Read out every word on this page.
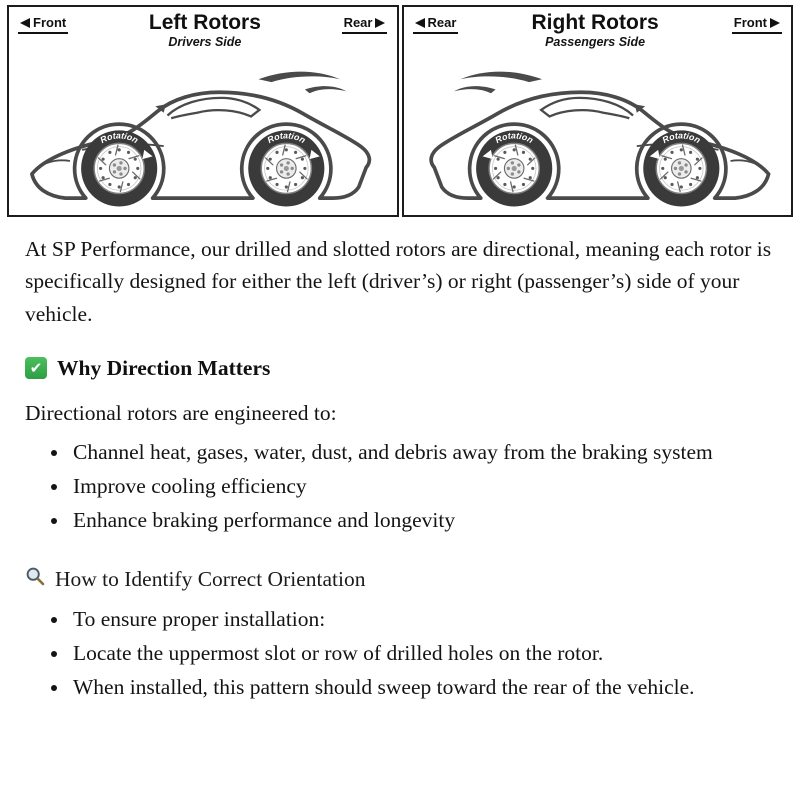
Front	Left Rotors
Drivers Side
Rear
Rotation	Rotation
Rear	Right Rotors
Passengers Side
Front
Rotation	Rotation

At SP Performance, our drilled and slotted rotors are directional, meaning each rotor is specifically designed for either the left (driver’s) or right (passenger’s) side of your vehicle.

✔ Why Direction Matters

Directional rotors are engineered to:

• Channel heat, gases, water, dust, and debris away from the braking system
• Improve cooling efficiency
• Enhance braking performance and longevity
How to Identify Correct Orientation
• To ensure proper installation:
• Locate the uppermost slot or row of drilled holes on the rotor.
• When installed, this pattern should sweep toward the rear of the vehicle.
